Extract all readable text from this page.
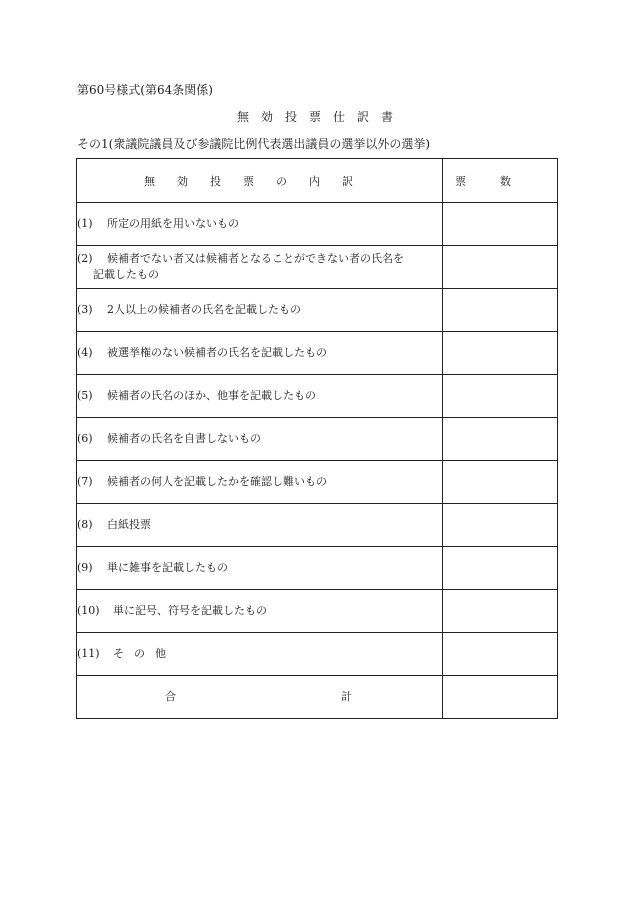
第60号様式(第64条関係)
無効投票仕訳書
その1(衆議院議員及び参議院比例代表選出議員の選挙以外の選挙)
無効投票の内訳	票数

(1) 所定の用紙を用いないもの	

(2) 候補者でない者又は候補者となることができない者の氏名を
記載したもの	

(3) 2人以上の候補者の氏名を記載したもの	

(4) 被選挙権のない候補者の氏名を記載したもの	

(5) 候補者の氏名のほか、他事を記載したもの	

(6) 候補者の氏名を自書しないもの	

(7) 候補者の何人を記載したかを確認し難いもの	

(8) 白紙投票	

(9) 単に雑事を記載したもの	

(10) 単に記号、符号を記載したもの	

(11) その他	

合 計	
